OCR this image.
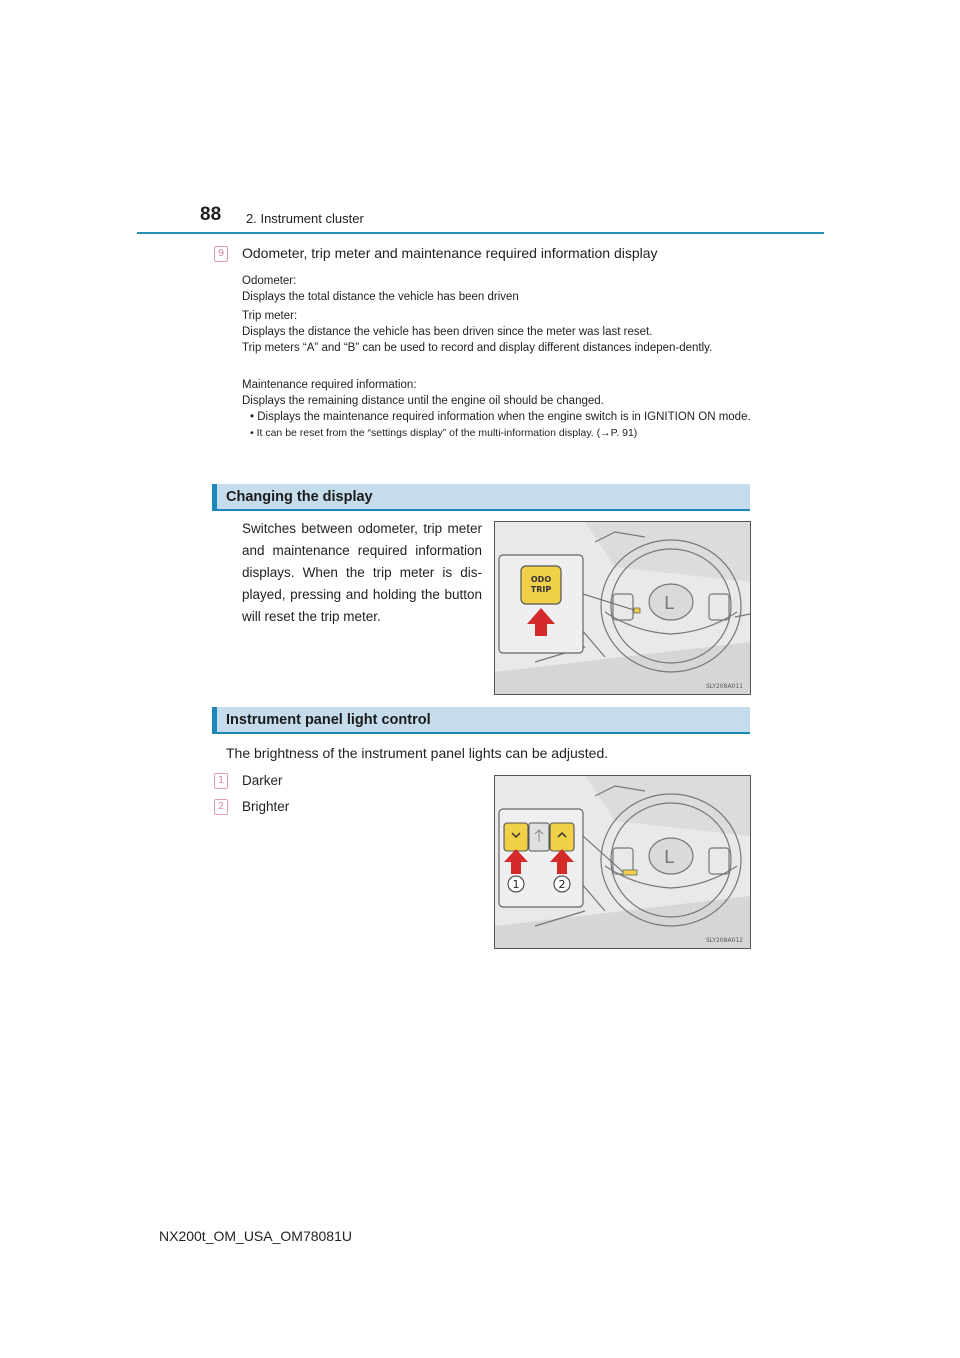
88 2. Instrument cluster
9 Odometer, trip meter and maintenance required information display
Odometer:
Displays the total distance the vehicle has been driven
Trip meter:
Displays the distance the vehicle has been driven since the meter was last reset.
Trip meters “A” and “B” can be used to record and display different distances indepen-dently.
Maintenance required information:
Displays the remaining distance until the engine oil should be changed.
• Displays the maintenance required information when the engine switch is in IGNITION ON mode.
• It can be reset from the “settings display” of the multi-information display. (→P. 91)
Changing the display
Switches between odometer, trip meter and maintenance required information displays. When the trip meter is dis-played, pressing and holding the button will reset the trip meter.
L
ODO
TRIP
SLY208A011
Instrument panel light control
The brightness of the instrument panel lights can be adjusted.
1 Darker
2 Brighter
L
1	2
SLY208A012
NX200t_OM_USA_OM78081U
